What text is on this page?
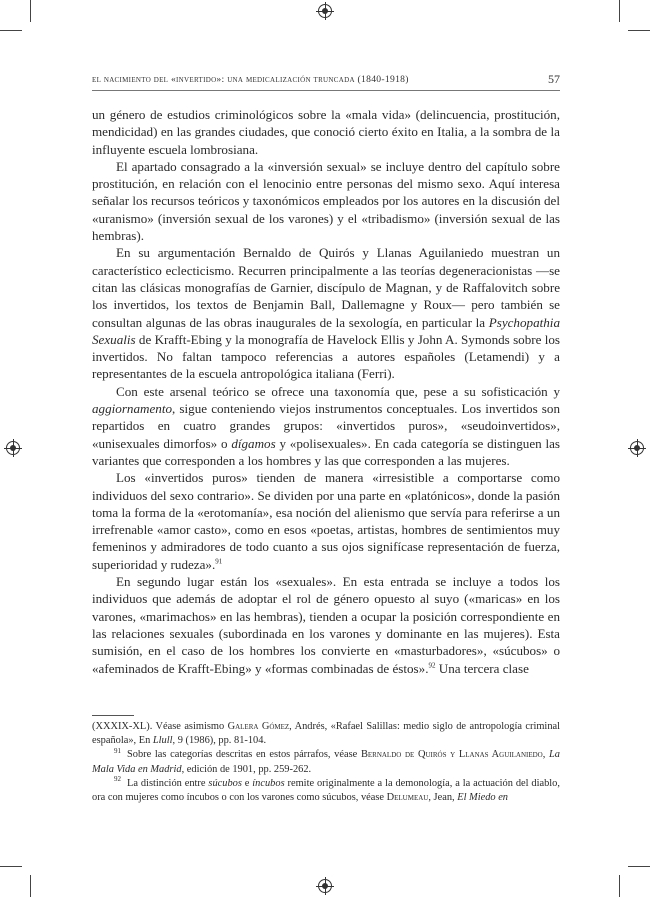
el nacimiento del «invertido»: una medicalización truncada (1840-1918)	57

un género de estudios criminológicos sobre la «mala vida» (delincuencia, prostitución, mendicidad) en las grandes ciudades, que conoció cierto éxito en Italia, a la sombra de la influyente escuela lombrosiana.

El apartado consagrado a la «inversión sexual» se incluye dentro del capítulo sobre prostitución, en relación con el lenocinio entre personas del mismo sexo. Aquí interesa señalar los recursos teóricos y taxonómicos empleados por los autores en la discusión del «uranismo» (inversión sexual de los varones) y el «tribadismo» (inversión sexual de las hembras).

En su argumentación Bernaldo de Quirós y Llanas Aguilaniedo muestran un característico eclecticismo. Recurren principalmente a las teorías degeneracionistas —se citan las clásicas monografías de Garnier, discípulo de Magnan, y de Raffalovitch sobre los invertidos, los textos de Benjamin Ball, Dallemagne y Roux— pero también se consultan algunas de las obras inaugurales de la sexología, en particular la Psychopathia Sexualis de Krafft-Ebing y la monografía de Havelock Ellis y John A. Symonds sobre los invertidos. No faltan tampoco referencias a autores españoles (Letamendi) y a representantes de la escuela antropológica italiana (Ferri).

Con este arsenal teórico se ofrece una taxonomía que, pese a su sofisticación y aggiornamento, sigue conteniendo viejos instrumentos conceptuales. Los invertidos son repartidos en cuatro grandes grupos: «invertidos puros», «seudoinvertidos», «unisexuales dimorfos» o dígamos y «polisexuales». En cada categoría se distinguen las variantes que corresponden a los hombres y las que corresponden a las mujeres.

Los «invertidos puros» tienden de manera «irresistible a comportarse como individuos del sexo contrario». Se dividen por una parte en «platónicos», donde la pasión toma la forma de la «erotomanía», esa noción del alienismo que servía para referirse a un irrefrenable «amor casto», como en esos «poetas, artistas, hombres de sentimientos muy femeninos y admiradores de todo cuanto a sus ojos signifícase representación de fuerza, superioridad y rudeza».$^{91}$

En segundo lugar están los «sexuales». En esta entrada se incluye a todos los individuos que además de adoptar el rol de género opuesto al suyo («maricas» en los varones, «marimachos» en las hembras), tienden a ocupar la posición correspondiente en las relaciones sexuales (subordinada en los varones y dominante en las mujeres). Esta sumisión, en el caso de los hombres los convierte en «masturbadores», «súcubos» o «afeminados de Krafft-Ebing» y «formas combinadas de éstos».$^{92}$ Una tercera clase

(XXXIX-XL). Véase asimismo Galera Gómez, Andrés, «Rafael Salillas: medio siglo de antropología criminal española», En Llull, 9 (1986), pp. 81-104.

$^{91}$ Sobre las categorías descritas en estos párrafos, véase Bernaldo de Quirós y Llanas Aguilaniedo, La Mala Vida en Madrid, edición de 1901, pp. 259-262.

$^{92}$ La distinción entre súcubos e íncubos remite originalmente a la demonología, a la actuación del diablo, ora con mujeres como íncubos o con los varones como súcubos, véase Delumeau, Jean, El Miedo en
